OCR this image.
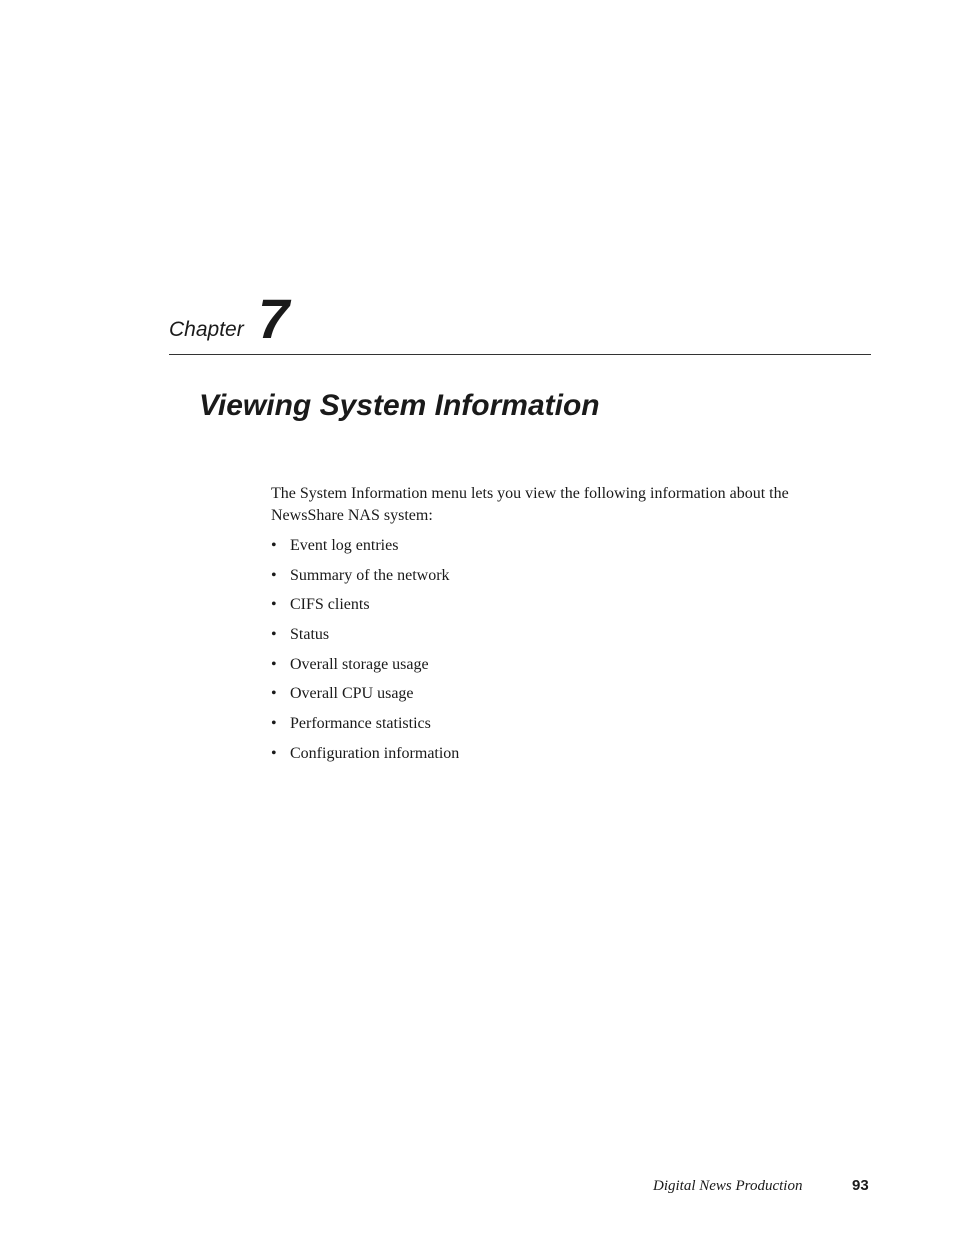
Chapter 7
Viewing System Information

The System Information menu lets you view the following information about the NewsShare NAS system:

• Event log entries
• Summary of the network
• CIFS clients
• Status
• Overall storage usage
• Overall CPU usage
• Performance statistics
• Configuration information
Digital News Production	93
